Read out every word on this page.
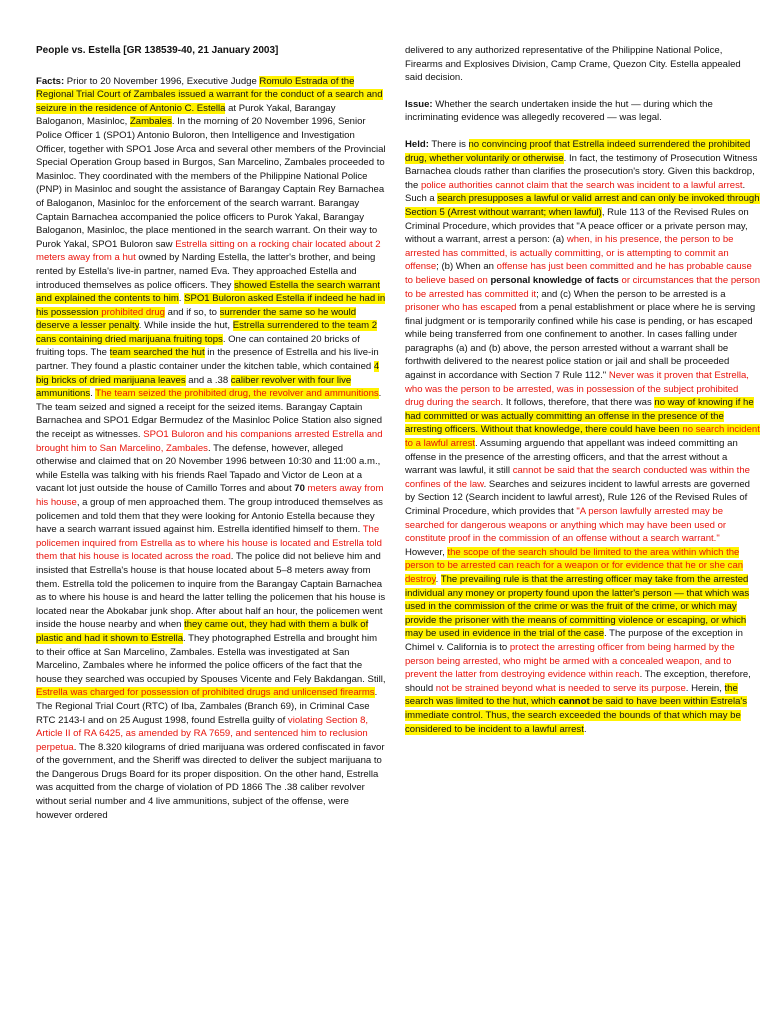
People vs. Estella [GR 138539-40, 21 January 2003]

Facts: Prior to 20 November 1996, Executive Judge Romulo Estrada of the Regional Trial Court of Zambales issued a warrant for the conduct of a search and seizure in the residence of Antonio C. Estella at Purok Yakal, Barangay Baloganon, Masinloc, Zambales. In the morning of 20 November 1996, Senior Police Officer 1 (SPO1) Antonio Buloron, then Intelligence and Investigation Officer, together with SPO1 Jose Arca and several other members of the Provincial Special Operation Group based in Burgos, San Marcelino, Zambales proceeded to Masinloc. They coordinated with the members of the Philippine National Police (PNP) in Masinloc and sought the assistance of Barangay Captain Rey Barnachea of Baloganon, Masinloc for the enforcement of the search warrant. Barangay Captain Barnachea accompanied the police officers to Purok Yakal, Barangay Baloganon, Masinloc, the place mentioned in the search warrant. On their way to Purok Yakal, SPO1 Buloron saw Estrella sitting on a rocking chair located about 2 meters away from a hut owned by Narding Estella, the latter's brother, and being rented by Estella's live-in partner, named Eva. They approached Estella and introduced themselves as police officers. They showed Estella the search warrant and explained the contents to him. SPO1 Buloron asked Estella if indeed he had in his possession prohibited drug and if so, to surrender the same so he would deserve a lesser penalty. While inside the hut, Estrella surrendered to the team 2 cans containing dried marijuana fruiting tops. One can contained 20 bricks of fruiting tops. The team searched the hut in the presence of Estrella and his live-in partner. They found a plastic container under the kitchen table, which contained 4 big bricks of dried marijuana leaves and a .38 caliber revolver with four live ammunitions. The team seized the prohibited drug, the revolver and ammunitions. The team seized and signed a receipt for the seized items. Barangay Captain Barnachea and SPO1 Edgar Bermudez of the Masinloc Police Station also signed the receipt as witnesses. SPO1 Buloron and his companions arrested Estrella and brought him to San Marcelino, Zambales. The defense, however, alleged otherwise and claimed that on 20 November 1996 between 10:30 and 11:00 a.m., while Estella was talking with his friends Rael Tapado and Victor de Leon at a vacant lot just outside the house of Camillo Torres and about 70 meters away from his house, a group of men approached them. The group introduced themselves as policemen and told them that they were looking for Antonio Estella because they have a search warrant issued against him. Estrella identified himself to them. The policemen inquired from Estrella as to where his house is located and Estrella told them that his house is located across the road. The police did not believe him and insisted that Estrella's house is that house located about 5–8 meters away from them. Estrella told the policemen to inquire from the Barangay Captain Barnachea as to where his house is and heard the latter telling the policemen that his house is located near the Abokabar junk shop. After about half an hour, the policemen went inside the house nearby and when they came out, they had with them a bulk of plastic and had it shown to Estrella. They photographed Estrella and brought him to their office at San Marcelino, Zambales. Estella was investigated at San Marcelino, Zambales where he informed the police officers of the fact that the house they searched was occupied by Spouses Vicente and Fely Bakdangan. Still, Estrella was charged for possession of prohibited drugs and unlicensed firearms. The Regional Trial Court (RTC) of Iba, Zambales (Branch 69), in Criminal Case RTC 2143-I and on 25 August 1998, found Estrella guilty of violating Section 8, Article II of RA 6425, as amended by RA 7659, and sentenced him to reclusion perpetua. The 8.320 kilograms of dried marijuana was ordered confiscated in favor of the government, and the Sheriff was directed to deliver the subject marijuana to the Dangerous Drugs Board for its proper disposition. On the other hand, Estrella was acquitted from the charge of violation of PD 1866 The .38 caliber revolver without serial number and 4 live ammunitions, subject of the offense, were however ordered

delivered to any authorized representative of the Philippine National Police, Firearms and Explosives Division, Camp Crame, Quezon City. Estella appealed said decision.

Issue: Whether the search undertaken inside the hut — during which the incriminating evidence was allegedly recovered — was legal.

Held: There is no convincing proof that Estrella indeed surrendered the prohibited drug, whether voluntarily or otherwise. In fact, the testimony of Prosecution Witness Barnachea clouds rather than clarifies the prosecution's story. Given this backdrop, the police authorities cannot claim that the search was incident to a lawful arrest. Such a search presupposes a lawful or valid arrest and can only be invoked through Section 5 (Arrest without warrant; when lawful), Rule 113 of the Revised Rules on Criminal Procedure, which provides that "A peace officer or a private person may, without a warrant, arrest a person: (a) when, in his presence, the person to be arrested has committed, is actually committing, or is attempting to commit an offense; (b) When an offense has just been committed and he has probable cause to believe based on personal knowledge of facts or circumstances that the person to be arrested has committed it; and (c) When the person to be arrested is a prisoner who has escaped from a penal establishment or place where he is serving final judgment or is temporarily confined while his case is pending, or has escaped while being transferred from one confinement to another. In cases falling under paragraphs (a) and (b) above, the person arrested without a warrant shall be forthwith delivered to the nearest police station or jail and shall be proceeded against in accordance with Section 7 Rule 112." Never was it proven that Estrella, who was the person to be arrested, was in possession of the subject prohibited drug during the search. It follows, therefore, that there was no way of knowing if he had committed or was actually committing an offense in the presence of the arresting officers. Without that knowledge, there could have been no search incident to a lawful arrest. Assuming arguendo that appellant was indeed committing an offense in the presence of the arresting officers, and that the arrest without a warrant was lawful, it still cannot be said that the search conducted was within the confines of the law. Searches and seizures incident to lawful arrests are governed by Section 12 (Search incident to lawful arrest), Rule 126 of the Revised Rules of Criminal Procedure, which provides that "A person lawfully arrested may be searched for dangerous weapons or anything which may have been used or constitute proof in the commission of an offense without a search warrant." However, the scope of the search should be limited to the area within which the person to be arrested can reach for a weapon or for evidence that he or she can destroy. The prevailing rule is that the arresting officer may take from the arrested individual any money or property found upon the latter's person — that which was used in the commission of the crime or was the fruit of the crime, or which may provide the prisoner with the means of committing violence or escaping, or which may be used in evidence in the trial of the case. The purpose of the exception in Chimel v. California is to protect the arresting officer from being harmed by the person being arrested, who might be armed with a concealed weapon, and to prevent the latter from destroying evidence within reach. The exception, therefore, should not be strained beyond what is needed to serve its purpose. Herein, the search was limited to the hut, which cannot be said to have been within Estrela's immediate control. Thus, the search exceeded the bounds of that which may be considered to be incident to a lawful arrest.
